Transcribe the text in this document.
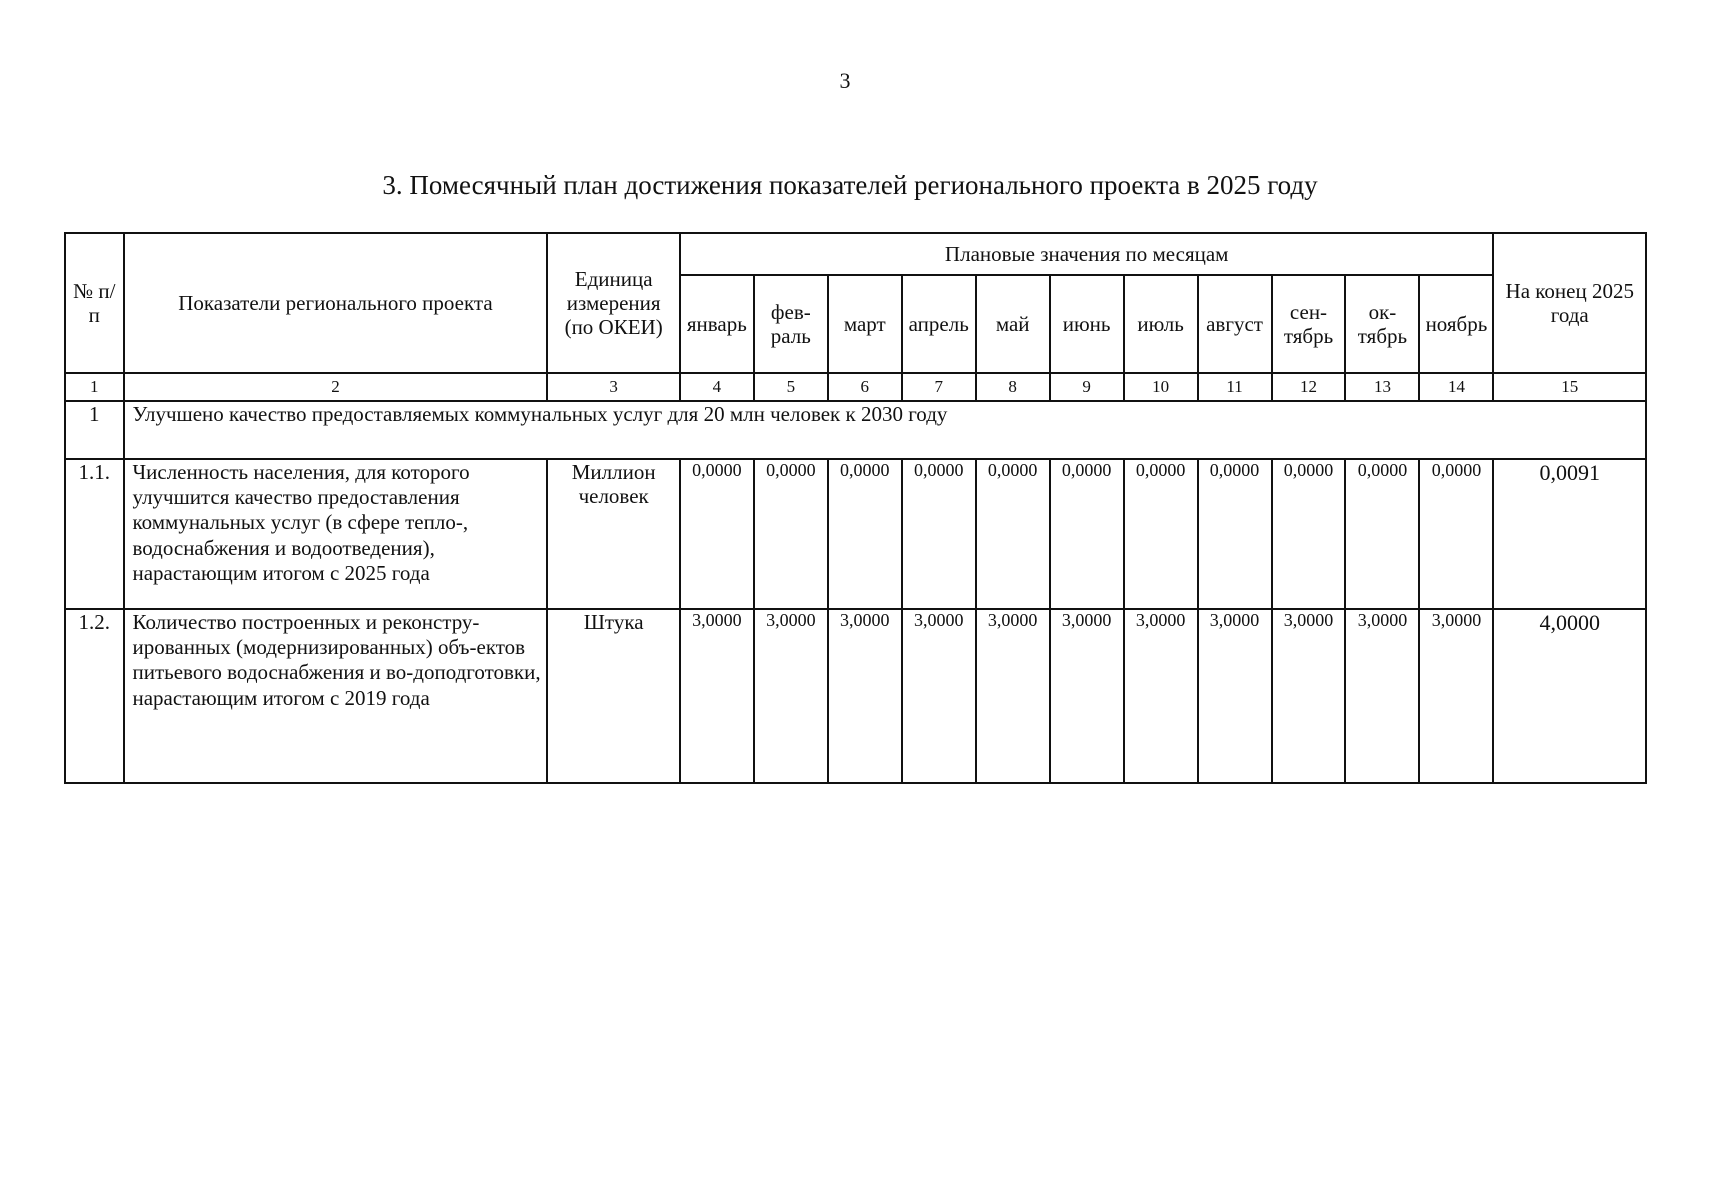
3
3. Помесячный план достижения показателей регионального проекта в 2025 году
№ п/п	Показатели регионального проекта	Единица измерения (по ОКЕИ)	Плановые значения по месяцам											На конец 2025 года
			январь	фев-раль	март	апрель	май	июнь	июль	август	сен-тябрь	ок-тябрь	ноябрь	
1	2	3	4	5	6	7	8	9	10	11	12	13	14	15
1	Улучшено качество предоставляемых коммунальных услуг для 20 млн человек к 2030 году													
1.1.	Численность населения, для которого улучшится качество предоставления коммунальных услуг (в сфере тепло-, водоснабжения и водоотведения), нарастающим итогом с 2025 года	Миллион человек	0,0000	0,0000	0,0000	0,0000	0,0000	0,0000	0,0000	0,0000	0,0000	0,0000	0,0000	0,0091
1.2.	Количество построенных и реконстру-ированных (модернизированных) объ-ектов питьевого водоснабжения и во-доподготовки, нарастающим итогом с 2019 года	Штука	3,0000	3,0000	3,0000	3,0000	3,0000	3,0000	3,0000	3,0000	3,0000	3,0000	3,0000	4,0000
